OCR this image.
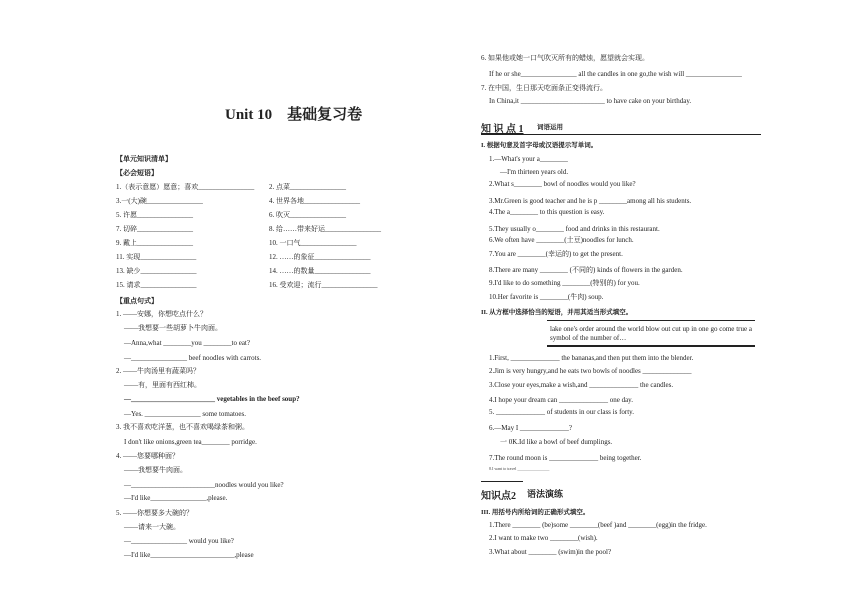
Unit 10　基础复习卷
【单元知识清单】
【必会短语】
1.（表示意愿）愿意；喜欢________________ 2. 点菜________________
3.一(大)碗________________	4. 世界各地________________
5. 许愿________________	6. 吹灭________________
7. 切碎________________	8. 给……带来好运________________
9. 戴上________________	10. 一口气________________
11. 实现________________	12. ……的象征________________
13. 缺少________________	14. ……的数量________________
15. 请求________________	16. 受欢迎；流行________________
【重点句式】
1. ——安娜，你想吃点什么？
——我想要一些胡萝卜牛肉面。
—Anna,what ________you ________to eat?
—________________ beef noodles with carrots.
2. ——牛肉汤里有蔬菜吗？
——有，里面有西红柿。
—________________________ vegetables in the beef soup?
—Yes. ________________ some tomatoes.
3. 我不喜欢吃洋葱，也不喜欢喝绿茶和粥。
I don't like onions,green tea________ porridge.
4. ——您要哪种面？
——我想要牛肉面。
—________________________noodles would you like?
—I'd like________________,please.
5. ——你想要多大碗的？
——请来一大碗。
—________________ would you like?
—I'd like________________________,please
6. 如果他或她一口气吹灭所有的蜡烛，愿望就会实现。
If he or she________________ all the candles in one go,the wish will ________________
7. 在中国，生日那天吃面条正变得流行。
In China,it ________________________ to have cake on your birthday.
知 识 点 1 词语运用
I. 根据句意及首字母或汉语提示写单词。
1.—What's your a________
—I'm thirteen years old.
2.What s________ bowl of noodles would you like?
3.Mr.Green is good teacher and he is p ________among all his students.
4.The a________ to this question is easy.
5.They usually o________ food and drinks in this restaurant.
6.We often have ________(土豆)noodles for lunch.
7.You are ________(幸运的) to get the present.
8.There are many ________ (不同的) kinds of flowers in the garden.
9.I'd like to do something ________(特别的) for you.
10.Her favorite is ________(牛肉) soup.
II. 从方框中选择恰当的短语，并用其适当形式填空。
lake one's order around the world blow out cut up in one go come true a symbol of the number of…
1.First, ______________ the bananas,and then put them into the blender.
2.Jim is very hungry,and he eats two bowls of noodles ______________
3.Close your eyes,make a wish,and ______________ the candles.
4.I hope your dream can ______________ one day.
5. ______________ of students in our class is forty.
6.—May I ______________?
一 0K.Id like a bowl of beef dumplings.
7.The round moon is ______________ being together.
8.I want to travel ________________
知识点2 语法演练
III. 用括号内所给词的正确形式填空。
1.There ________ (be)some ________(beef )and ________(egg)in the fridge.
2.I want to make two ________(wish).
3.What about ________ (swim)in the pool?
